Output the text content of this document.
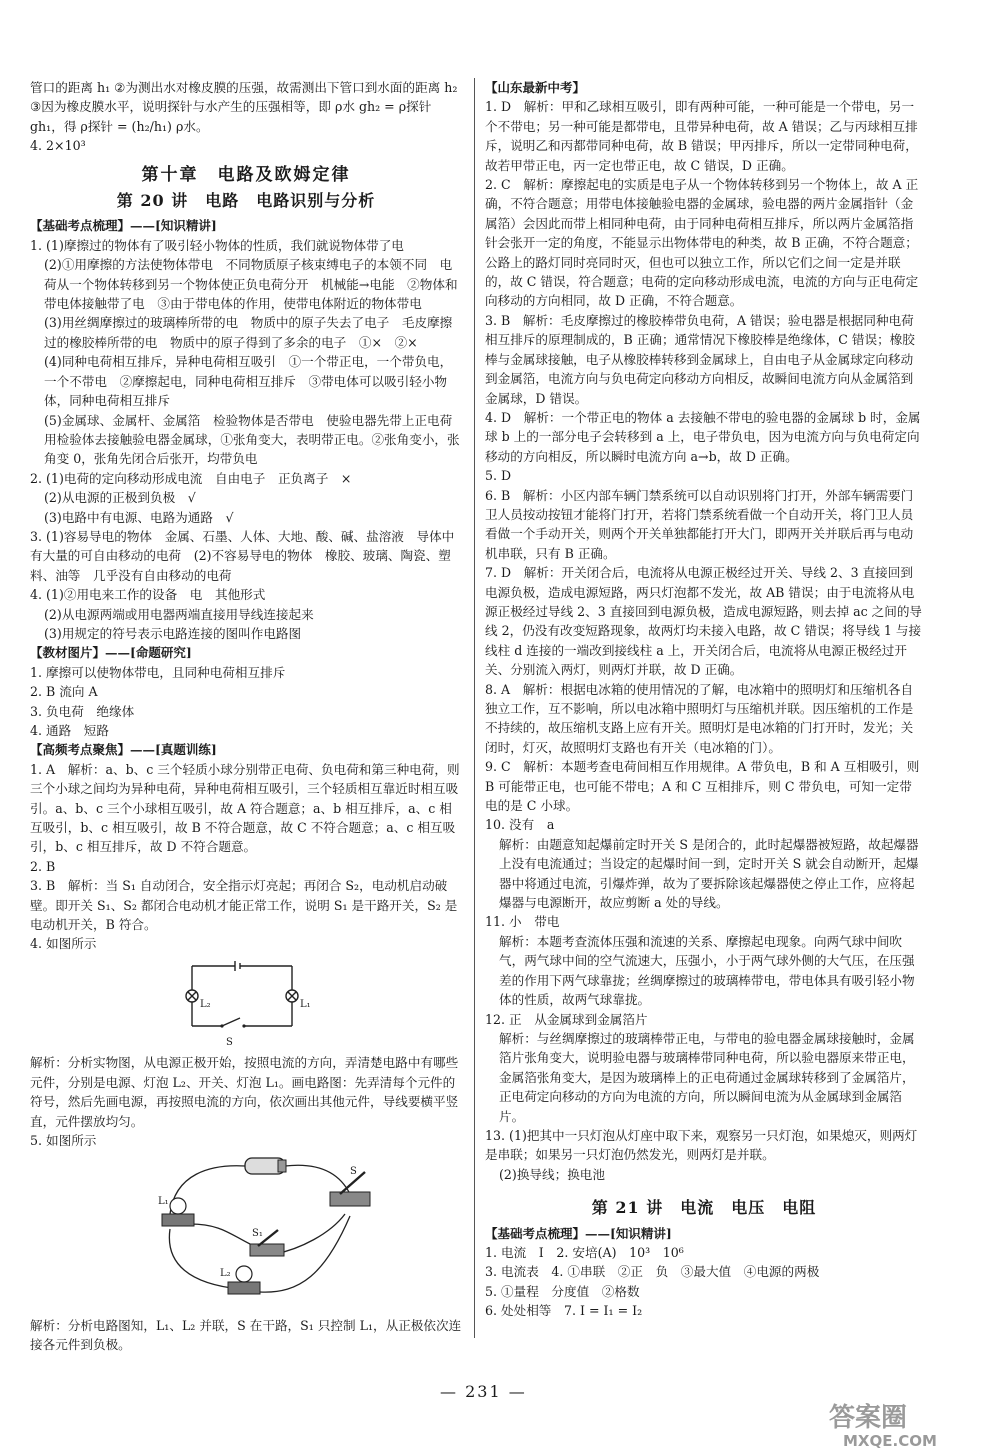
管口的距离 h₁ ②为测出水对橡皮膜的压强，故需测出下管口到水面的距离 h₂ ③因为橡皮膜水平，说明探针与水产生的压强相等，即 ρ水 gh₂ = ρ探针 gh₁，得 ρ探针 = (h₂/h₁) ρ水。

4. 2×10³

第十章　电路及欧姆定律
第 20 讲　电路　电路识别与分析
【基础考点梳理】——[知识精讲]

1. (1)摩擦过的物体有了吸引轻小物体的性质，我们就说物体带了电

(2)①用摩擦的方法使物体带电　不同物质原子核束缚电子的本领不同　电荷从一个物体转移到另一个物体使正负电荷分开　机械能→电能　②物体和带电体接触带了电　③由于带电体的作用，使带电体附近的物体带电

(3)用丝绸摩擦过的玻璃棒所带的电　物质中的原子失去了电子　毛皮摩擦过的橡胶棒所带的电　物质中的原子得到了多余的电子　①×　②×

(4)同种电荷相互排斥，异种电荷相互吸引　①一个带正电，一个带负电，一个不带电　②摩擦起电，同种电荷相互排斥　③带电体可以吸引轻小物体，同种电荷相互排斥

(5)金属球、金属杆、金属箔　检验物体是否带电　使验电器先带上正电荷用检验体去接触验电器金属球，①张角变大，表明带正电。②张角变小，张角变 0，张角先闭合后张开，均带负电

2. (1)电荷的定向移动形成电流　自由电子　正负离子　×

(2)从电源的正极到负极　√

(3)电路中有电源、电路为通路　√

3. (1)容易导电的物体　金属、石墨、人体、大地、酸、碱、盐溶液　导体中有大量的可自由移动的电荷　(2)不容易导电的物体　橡胶、玻璃、陶瓷、塑料、油等　几乎没有自由移动的电荷

4. (1)②用电来工作的设备　电　其他形式

(2)从电源两端或用电器两端直接用导线连接起来

(3)用规定的符号表示电路连接的图叫作电路图

【教材图片】——[命题研究]

1. 摩擦可以使物体带电，且同种电荷相互排斥

2. B 流向 A

3. 负电荷　绝缘体

4. 通路　短路

【高频考点聚焦】——[真题训练]

1. A　解析：a、b、c 三个轻质小球分别带正电荷、负电荷和第三种电荷，则三个小球之间均为异种电荷，异种电荷相互吸引，三个轻质相互靠近时相互吸引。a、b、c 三个小球相互吸引，故 A 符合题意；a、b 相互排斥，a、c 相互吸引，b、c 相互吸引，故 B 不符合题意，故 C 不符合题意；a、c 相互吸引，b、c 相互排斥，故 D 不符合题意。

2. B

3. B　解析：当 S₁ 自动闭合，安全指示灯亮起；再闭合 S₂，电动机启动破壁。即开关 S₁、S₂ 都闭合电动机才能正常工作，说明 S₁ 是干路开关，S₂ 是电动机开关，B 符合。

4. 如图所示

L₂	L₁
S

解析：分析实物图，从电源正极开始，按照电流的方向，弄清楚电路中有哪些元件，分别是电源、灯泡 L₂、开关、灯泡 L₁。画电路图：先弄清每个元件的符号，然后先画电源，再按照电流的方向，依次画出其他元件，导线要横平竖直，元件摆放均匀。

5. 如图所示

S
S₁
L₁
L₂

解析：分析电路图知，L₁、L₂ 并联，S 在干路，S₁ 只控制 L₁，从正极依次连接各元件到负极。

【山东最新中考】

1. D　解析：甲和乙球相互吸引，即有两种可能，一种可能是一个带电，另一个不带电；另一种可能是都带电，且带异种电荷，故 A 错误；乙与丙球相互排斥，说明乙和丙都带同种电荷，故 B 错误；甲丙排斥，所以一定带同种电荷，故若甲带正电，丙一定也带正电，故 C 错误，D 正确。

2. C　解析：摩擦起电的实质是电子从一个物体转移到另一个物体上，故 A 正确，不符合题意；用带电体接触验电器的金属球，验电器的两片金属指针（金属箔）会因此而带上相同种电荷，由于同种电荷相互排斥，所以两片金属箔指针会张开一定的角度，不能显示出物体带电的种类，故 B 正确，不符合题意；公路上的路灯同时亮同时灭，但也可以独立工作，所以它们之间一定是并联的，故 C 错误，符合题意；电荷的定向移动形成电流，电流的方向与正电荷定向移动的方向相同，故 D 正确，不符合题意。

3. B　解析：毛皮摩擦过的橡胶棒带负电荷，A 错误；验电器是根据同种电荷相互排斥的原理制成的，B 正确；通常情况下橡胶棒是绝缘体，C 错误；橡胶棒与金属球接触，电子从橡胶棒转移到金属球上，自由电子从金属球定向移动到金属箔，电流方向与负电荷定向移动方向相反，故瞬间电流方向从金属箔到金属球，D 错误。

4. D　解析：一个带正电的物体 a 去接触不带电的验电器的金属球 b 时，金属球 b 上的一部分电子会转移到 a 上，电子带负电，因为电流方向与负电荷定向移动的方向相反，所以瞬时电流方向 a→b，故 D 正确。

5. D

6. B　解析：小区内部车辆门禁系统可以自动识别将门打开，外部车辆需要门卫人员按动按钮才能将门打开，若将门禁系统看做一个自动开关，将门卫人员看做一个手动开关，则两个开关单独都能打开大门，即两开关并联后再与电动机串联，只有 B 正确。

7. D　解析：开关闭合后，电流将从电源正极经过开关、导线 2、3 直接回到电源负极，造成电源短路，两只灯泡都不发光，故 AB 错误；由于电流将从电源正极经过导线 2、3 直接回到电源负极，造成电源短路，则去掉 ac 之间的导线 2，仍没有改变短路现象，故两灯均未接入电路，故 C 错误；将导线 1 与接线柱 d 连接的一端改到接线柱 a 上，开关闭合后，电流将从电源正极经过开关、分别流入两灯，则两灯并联，故 D 正确。

8. A　解析：根据电冰箱的使用情况的了解，电冰箱中的照明灯和压缩机各自独立工作，互不影响，所以电冰箱中照明灯与压缩机并联。因压缩机的工作是不持续的，故压缩机支路上应有开关。照明灯是电冰箱的门打开时，发光；关闭时，灯灭，故照明灯支路也有开关（电冰箱的门）。

9. C　解析：本题考查电荷间相互作用规律。A 带负电，B 和 A 互相吸引，则 B 可能带正电，也可能不带电；A 和 C 互相排斥，则 C 带负电，可知一定带电的是 C 小球。

10. 没有　a

解析：由题意知起爆前定时开关 S 是闭合的，此时起爆器被短路，故起爆器上没有电流通过；当设定的起爆时间一到，定时开关 S 就会自动断开，起爆器中将通过电流，引爆炸弹，故为了要拆除该起爆器使之停止工作，应将起爆器与电源断开，故应剪断 a 处的导线。

11. 小　带电

解析：本题考查流体压强和流速的关系、摩擦起电现象。向两气球中间吹气，两气球中间的空气流速大，压强小，小于两气球外侧的大气压，在压强差的作用下两气球靠拢；丝绸摩擦过的玻璃棒带电，带电体具有吸引轻小物体的性质，故两气球靠拢。

12. 正　从金属球到金属箔片

解析：与丝绸摩擦过的玻璃棒带正电，与带电的验电器金属球接触时，金属箔片张角变大，说明验电器与玻璃棒带同种电荷，所以验电器原来带正电，金属箔张角变大，是因为玻璃棒上的正电荷通过金属球转移到了金属箔片，正电荷定向移动的方向为电流的方向，所以瞬间电流为从金属球到金属箔片。

13. (1)把其中一只灯泡从灯座中取下来，观察另一只灯泡，如果熄灭，则两灯是串联；如果另一只灯泡仍然发光，则两灯是并联。

(2)换导线；换电池

第 21 讲　电流　电压　电阻
【基础考点梳理】——[知识精讲]

1. 电流　I　2. 安培(A)　10³　10⁶

3. 电流表　4. ①串联　②正　负　③最大值　④电源的两极

5. ①量程　分度值　②格数

6. 处处相等　7. I = I₁ = I₂

— 231 —
答案圈
MXQE.COM
